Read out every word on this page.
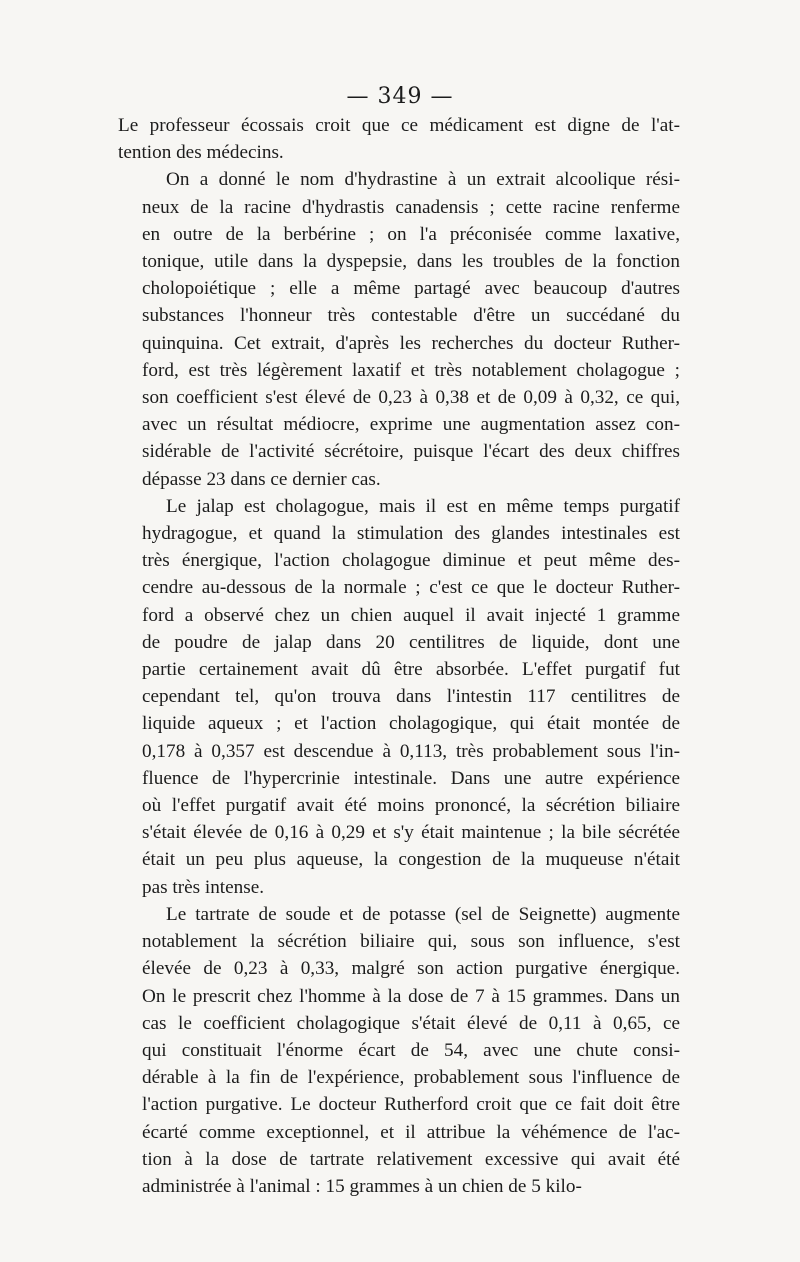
— 349 —

Le professeur écossais croit que ce médicament est digne de l'at-
tention des médecins.

On a donné le nom d'hydrastine à un extrait alcoolique rési-
neux de la racine d'hydrastis canadensis ; cette racine renferme
en outre de la berbérine ; on l'a préconisée comme laxative,
tonique, utile dans la dyspepsie, dans les troubles de la fonction
cholopoiétique ; elle a même partagé avec beaucoup d'autres
substances l'honneur très contestable d'être un succédané du
quinquina. Cet extrait, d'après les recherches du docteur Ruther-
ford, est très légèrement laxatif et très notablement cholagogue ;
son coefficient s'est élevé de 0,23 à 0,38 et de 0,09 à 0,32, ce qui,
avec un résultat médiocre, exprime une augmentation assez con-
sidérable de l'activité sécrétoire, puisque l'écart des deux chiffres
dépasse 23 dans ce dernier cas.

Le jalap est cholagogue, mais il est en même temps purgatif
hydragogue, et quand la stimulation des glandes intestinales est
très énergique, l'action cholagogue diminue et peut même des-
cendre au-dessous de la normale ; c'est ce que le docteur Ruther-
ford a observé chez un chien auquel il avait injecté 1 gramme
de poudre de jalap dans 20 centilitres de liquide, dont une
partie certainement avait dû être absorbée. L'effet purgatif fut
cependant tel, qu'on trouva dans l'intestin 117 centilitres de
liquide aqueux ; et l'action cholagogique, qui était montée de
0,178 à 0,357 est descendue à 0,113, très probablement sous l'in-
fluence de l'hypercrinie intestinale. Dans une autre expérience
où l'effet purgatif avait été moins prononcé, la sécrétion biliaire
s'était élevée de 0,16 à 0,29 et s'y était maintenue ; la bile sécrétée
était un peu plus aqueuse, la congestion de la muqueuse n'était
pas très intense.

Le tartrate de soude et de potasse (sel de Seignette) augmente
notablement la sécrétion biliaire qui, sous son influence, s'est
élevée de 0,23 à 0,33, malgré son action purgative énergique.
On le prescrit chez l'homme à la dose de 7 à 15 grammes. Dans un
cas le coefficient cholagogique s'était élevé de 0,11 à 0,65, ce
qui constituait l'énorme écart de 54, avec une chute consi-
dérable à la fin de l'expérience, probablement sous l'influence de
l'action purgative. Le docteur Rutherford croit que ce fait doit être
écarté comme exceptionnel, et il attribue la véhémence de l'ac-
tion à la dose de tartrate relativement excessive qui avait été
administrée à l'animal : 15 grammes à un chien de 5 kilo-
